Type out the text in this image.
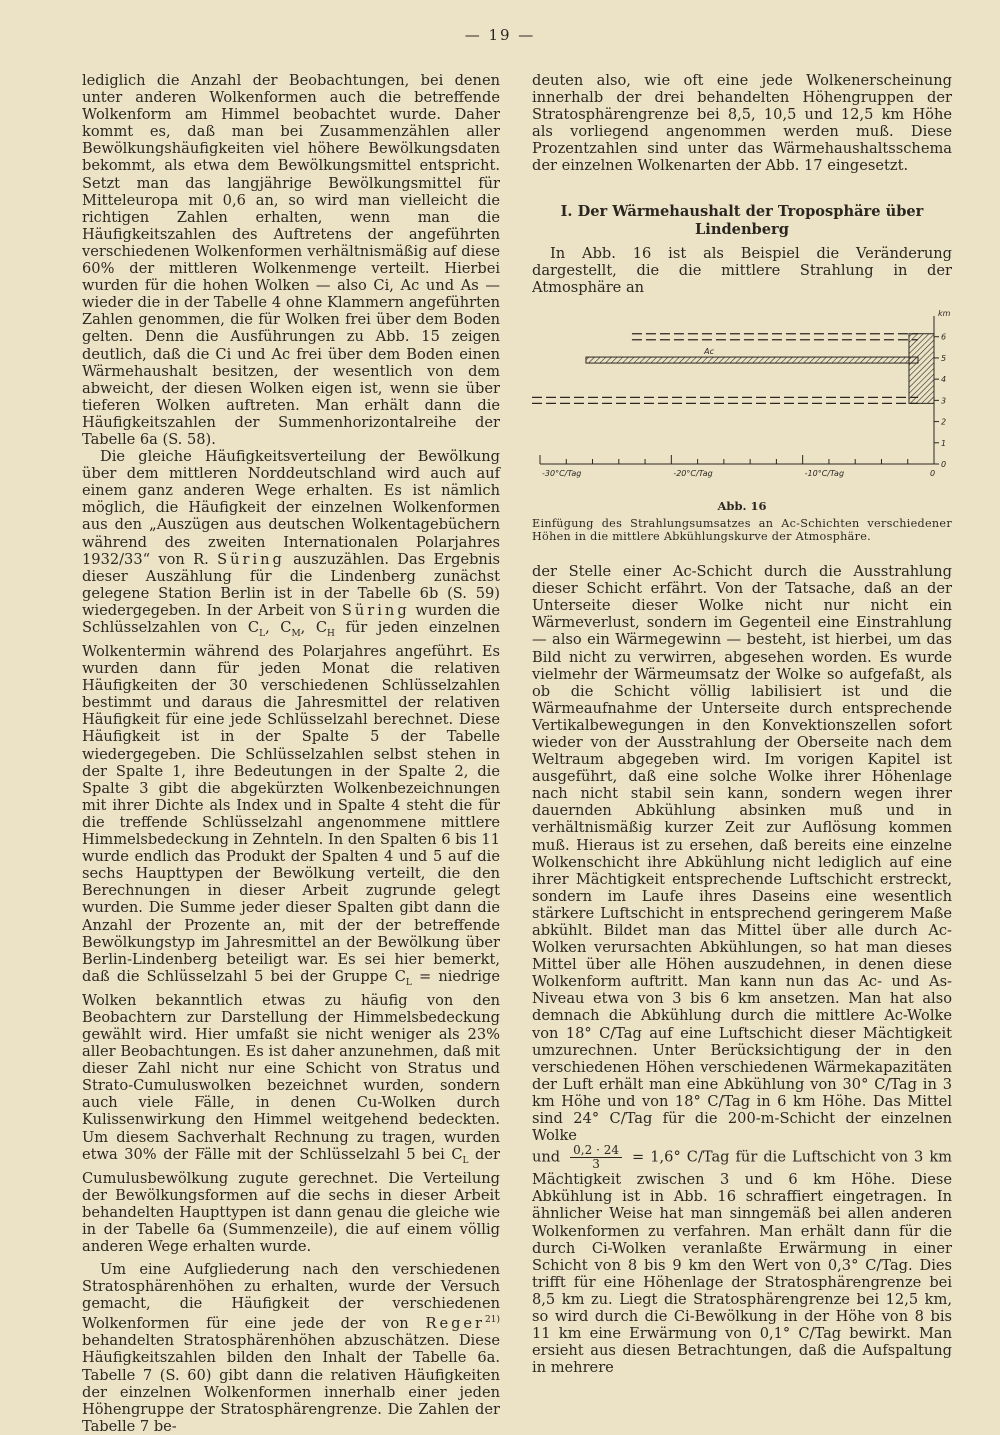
— 19 —

lediglich die Anzahl der Beobachtungen, bei denen unter anderen Wolkenformen auch die betreffende Wolkenform am Himmel beobachtet wurde. Daher kommt es, daß man bei Zusammenzählen aller Bewölkungshäufigkeiten viel höhere Bewölkungsdaten bekommt, als etwa dem Bewölkungsmittel entspricht. Setzt man das langjährige Bewölkungsmittel für Mitteleuropa mit 0,6 an, so wird man vielleicht die richtigen Zahlen erhalten, wenn man die Häufigkeitszahlen des Auftretens der angeführten verschiedenen Wolkenformen verhältnismäßig auf diese 60% der mittleren Wolkenmenge verteilt. Hierbei wurden für die hohen Wolken — also Ci, Ac und As — wieder die in der Tabelle 4 ohne Klammern angeführten Zahlen genommen, die für Wolken frei über dem Boden gelten. Denn die Ausführungen zu Abb. 15 zeigen deutlich, daß die Ci und Ac frei über dem Boden einen Wärmehaushalt besitzen, der wesentlich von dem abweicht, der diesen Wolken eigen ist, wenn sie über tieferen Wolken auftreten. Man erhält dann die Häufigkeitszahlen der Summenhorizontalreihe der Tabelle 6a (S. 58).

Die gleiche Häufigkeitsverteilung der Bewölkung über dem mittleren Norddeutschland wird auch auf einem ganz anderen Wege erhalten. Es ist nämlich möglich, die Häufigkeit der einzelnen Wolkenformen aus den „Auszügen aus deutschen Wolkentagebüchern während des zweiten Internationalen Polarjahres 1932/33“ von R. Süring auszuzählen. Das Ergebnis dieser Auszählung für die Lindenberg zunächst gelegene Station Berlin ist in der Tabelle 6b (S. 59) wiedergegeben. In der Arbeit von Süring wurden die Schlüsselzahlen von $C_L$, $C_M$, $C_H$ für jeden einzelnen Wolkentermin während des Polarjahres angeführt. Es wurden dann für jeden Monat die relativen Häufigkeiten der 30 verschiedenen Schlüsselzahlen bestimmt und daraus die Jahresmittel der relativen Häufigkeit für eine jede Schlüsselzahl berechnet. Diese Häufigkeit ist in der Spalte 5 der Tabelle wiedergegeben. Die Schlüsselzahlen selbst stehen in der Spalte 1, ihre Bedeutungen in der Spalte 2, die Spalte 3 gibt die abgekürzten Wolkenbezeichnungen mit ihrer Dichte als Index und in Spalte 4 steht die für die treffende Schlüsselzahl angenommene mittlere Himmelsbedeckung in Zehnteln. In den Spalten 6 bis 11 wurde endlich das Produkt der Spalten 4 und 5 auf die sechs Haupttypen der Bewölkung verteilt, die den Berechnungen in dieser Arbeit zugrunde gelegt wurden. Die Summe jeder dieser Spalten gibt dann die Anzahl der Prozente an, mit der der betreffende Bewölkungstyp im Jahresmittel an der Bewölkung über Berlin-Lindenberg beteiligt war. Es sei hier bemerkt, daß die Schlüsselzahl 5 bei der Gruppe $C_L$ = niedrige Wolken bekanntlich etwas zu häufig von den Beobachtern zur Darstellung der Himmelsbedeckung gewählt wird. Hier umfaßt sie nicht weniger als 23% aller Beobachtungen. Es ist daher anzunehmen, daß mit dieser Zahl nicht nur eine Schicht von Stratus und Strato-Cumuluswolken bezeichnet wurden, sondern auch viele Fälle, in denen Cu-Wolken durch Kulissenwirkung den Himmel weitgehend bedeckten. Um diesem Sachverhalt Rechnung zu tragen, wurden etwa 30% der Fälle mit der Schlüsselzahl 5 bei $C_L$ der Cumulusbewölkung zugute gerechnet. Die Verteilung der Bewölkungsformen auf die sechs in dieser Arbeit behandelten Haupttypen ist dann genau die gleiche wie in der Tabelle 6a (Summenzeile), die auf einem völlig anderen Wege erhalten wurde.

Um eine Aufgliederung nach den verschiedenen Stratosphärenhöhen zu erhalten, wurde der Versuch gemacht, die Häufigkeit der verschiedenen Wolkenformen für eine jede der von Reger$^{21)}$ behandelten Stratosphärenhöhen abzuschätzen. Diese Häufigkeitszahlen bilden den Inhalt der Tabelle 6a. Tabelle 7 (S. 60) gibt dann die relativen Häufigkeiten der einzelnen Wolkenformen innerhalb einer jeden Höhengruppe der Stratosphärengrenze. Die Zahlen der Tabelle 7 be-

deuten also, wie oft eine jede Wolkenerscheinung innerhalb der drei behandelten Höhengruppen der Stratosphärengrenze bei 8,5, 10,5 und 12,5 km Höhe als vorliegend angenommen werden muß. Diese Prozentzahlen sind unter das Wärmehaushaltsschema der einzelnen Wolkenarten der Abb. 17 eingesetzt.

I. Der Wärmehaushalt der Troposphäre über Lindenberg

In Abb. 16 ist als Beispiel die Veränderung dargestellt, die die mittlere Strahlung in der Atmosphäre an

0
1
2
3
4
5
6
km
-30°C/Tag	-20°C/Tag	-10°C/Tag	0
Ac
Abb. 16
Einfügung des Strahlungsumsatzes an Ac-Schichten verschiedener Höhen in die mittlere Abkühlungskurve der Atmosphäre.

der Stelle einer Ac-Schicht durch die Ausstrahlung dieser Schicht erfährt. Von der Tatsache, daß an der Unterseite dieser Wolke nicht nur nicht ein Wärmeverlust, sondern im Gegenteil eine Einstrahlung — also ein Wärmegewinn — besteht, ist hierbei, um das Bild nicht zu verwirren, abgesehen worden. Es wurde vielmehr der Wärmeumsatz der Wolke so aufgefaßt, als ob die Schicht völlig labilisiert ist und die Wärmeaufnahme der Unterseite durch entsprechende Vertikalbewegungen in den Konvektionszellen sofort wieder von der Ausstrahlung der Oberseite nach dem Weltraum abgegeben wird. Im vorigen Kapitel ist ausgeführt, daß eine solche Wolke ihrer Höhenlage nach nicht stabil sein kann, sondern wegen ihrer dauernden Abkühlung absinken muß und in verhältnismäßig kurzer Zeit zur Auflösung kommen muß. Hieraus ist zu ersehen, daß bereits eine einzelne Wolkenschicht ihre Abkühlung nicht lediglich auf eine ihrer Mächtigkeit entsprechende Luftschicht erstreckt, sondern im Laufe ihres Daseins eine wesentlich stärkere Luftschicht in entsprechend geringerem Maße abkühlt. Bildet man das Mittel über alle durch Ac-Wolken verursachten Abkühlungen, so hat man dieses Mittel über alle Höhen auszudehnen, in denen diese Wolkenform auftritt. Man kann nun das Ac- und As-Niveau etwa von 3 bis 6 km ansetzen. Man hat also demnach die Abkühlung durch die mittlere Ac-Wolke von 18° C/Tag auf eine Luftschicht dieser Mächtigkeit umzurechnen. Unter Berücksichtigung der in den verschiedenen Höhen verschiedenen Wärmekapazitäten der Luft erhält man eine Abkühlung von 30° C/Tag in 3 km Höhe und von 18° C/Tag in 6 km Höhe. Das Mittel sind 24° C/Tag für die 200-m-Schicht der einzelnen Wolke

und $\frac{0,2 \cdot 24}{3} = 1,6^\circ$ C/Tag für die Luftschicht von 3 km Mächtigkeit zwischen 3 und 6 km Höhe. Diese Abkühlung ist in Abb. 16 schraffiert eingetragen. In ähnlicher Weise hat man sinngemäß bei allen anderen Wolkenformen zu verfahren. Man erhält dann für die durch Ci-Wolken veranlaßte Erwärmung in einer Schicht von 8 bis 9 km den Wert von 0,3° C/Tag. Dies trifft für eine Höhenlage der Stratosphärengrenze bei 8,5 km zu. Liegt die Stratosphärengrenze bei 12,5 km, so wird durch die Ci-Bewölkung in der Höhe von 8 bis 11 km eine Erwärmung von 0,1° C/Tag bewirkt. Man ersieht aus diesen Betrachtungen, daß die Aufspaltung in mehrere
